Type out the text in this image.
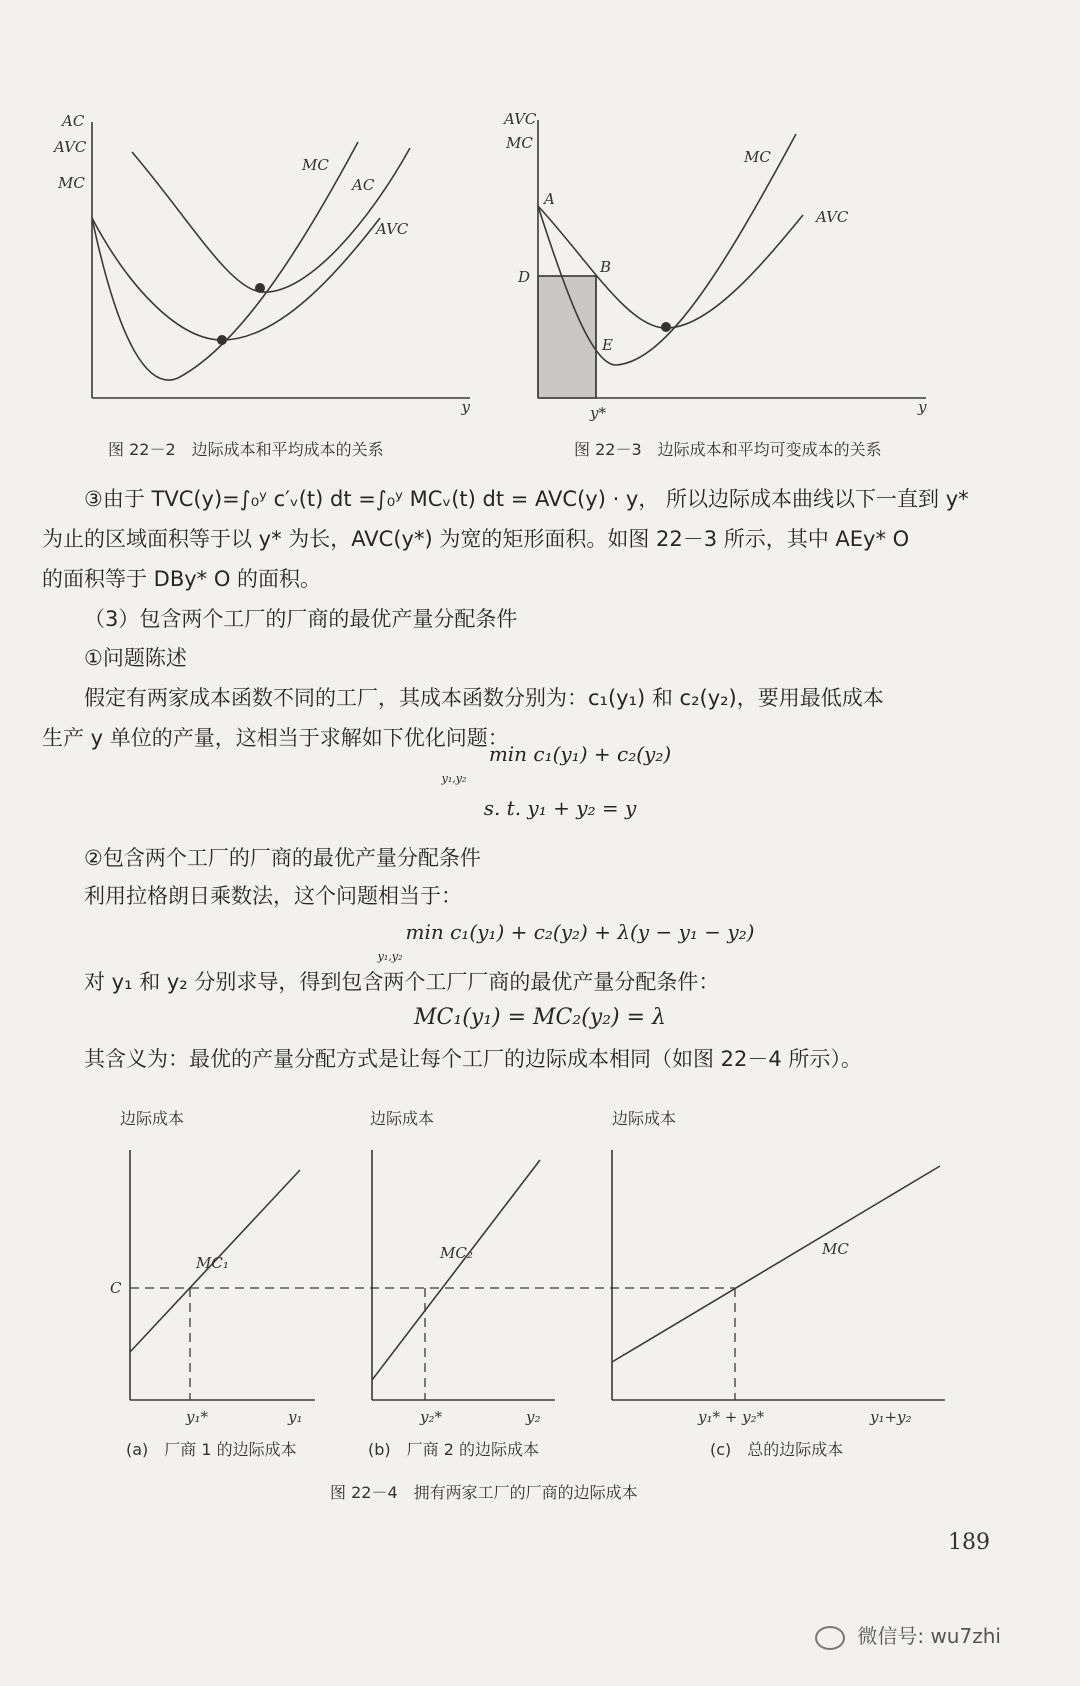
AC
AVC
MC
y
MC
AC
AVC
图 22－2　边际成本和平均成本的关系
AVC
MC
y
y*
A
B
D
E
MC
AVC
图 22－3　边际成本和平均可变成本的关系
③由于 TVC(y)=∫₀ʸ c′ᵥ(t) dt =∫₀ʸ MCᵥ(t) dt = AVC(y) · y， 所以边际成本曲线以下一直到 y*
为止的区域面积等于以 y* 为长，AVC(y*) 为宽的矩形面积。如图 22－3 所示，其中 AEy* O
的面积等于 DBy* O 的面积。
（3）包含两个工厂的厂商的最优产量分配条件
①问题陈述
假定有两家成本函数不同的工厂，其成本函数分别为：c₁(y₁) 和 c₂(y₂)，要用最低成本
生产 y 单位的产量，这相当于求解如下优化问题：
min c₁(y₁) + c₂(y₂)
y₁,y₂
s. t. y₁ + y₂ = y
②包含两个工厂的厂商的最优产量分配条件
利用拉格朗日乘数法，这个问题相当于：
min c₁(y₁) + c₂(y₂) + λ(y − y₁ − y₂)
y₁,y₂
对 y₁ 和 y₂ 分别求导，得到包含两个工厂厂商的最优产量分配条件：
MC₁(y₁) = MC₂(y₂) = λ
其含义为：最优的产量分配方式是让每个工厂的边际成本相同（如图 22－4 所示）。
边际成本
MC₁
y₁*	y₁
C
边际成本
MC₂
y₂*	y₂
边际成本
MC
y₁* + y₂*	y₁+y₂
(a)　厂商 1 的边际成本	(b)　厂商 2 的边际成本	(c)　总的边际成本
图 22－4　拥有两家工厂的厂商的边际成本
189
微信号: wu7zhi
